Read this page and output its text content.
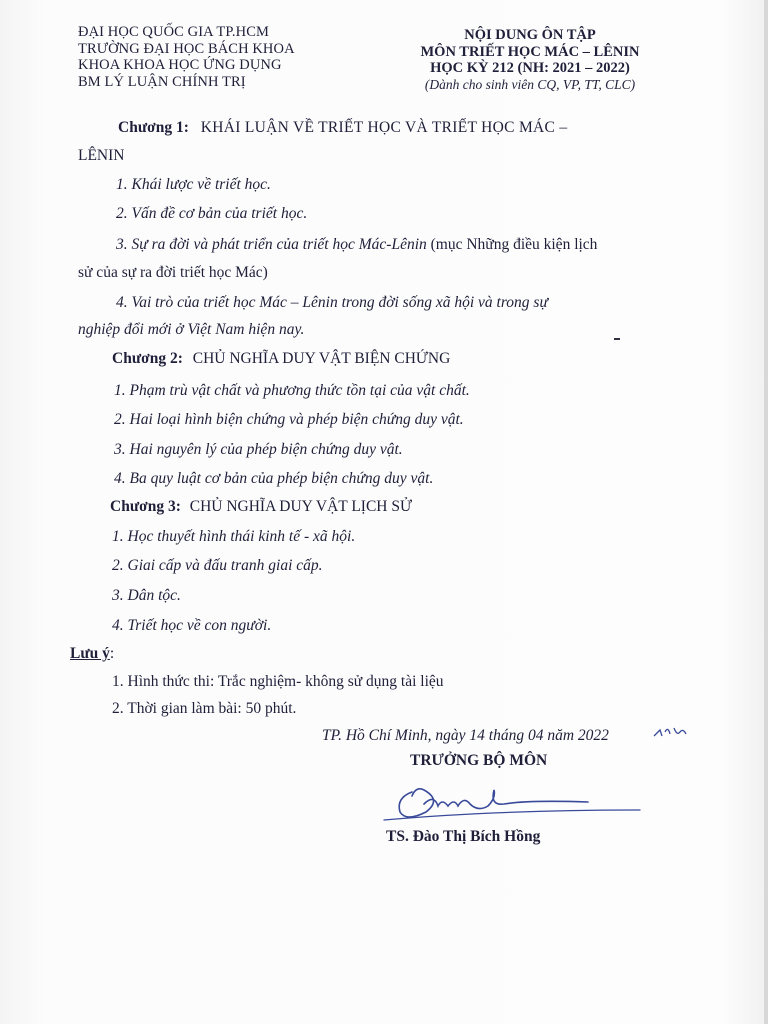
ĐẠI HỌC QUỐC GIA TP.HCM
TRƯỜNG ĐẠI HỌC BÁCH KHOA
KHOA KHOA HỌC ỨNG DỤNG
BM LÝ LUẬN CHÍNH TRỊ
NỘI DUNG ÔN TẬP
MÔN TRIẾT HỌC MÁC – LÊNIN
HỌC KỲ 212 (NH: 2021 – 2022)
(Dành cho sinh viên CQ, VP, TT, CLC)
Chương 1: KHÁI LUẬN VỀ TRIẾT HỌC VÀ TRIẾT HỌC MÁC –
LÊNIN
1. Khái lược về triết học.
2. Vấn đề cơ bản của triết học.
3. Sự ra đời và phát triển của triết học Mác-Lênin (mục Những điều kiện lịch
sử của sự ra đời triết học Mác)
4. Vai trò của triết học Mác – Lênin trong đời sống xã hội và trong sự
nghiệp đổi mới ở Việt Nam hiện nay.
Chương 2: CHỦ NGHĨA DUY VẬT BIỆN CHỨNG
1. Phạm trù vật chất và phương thức tồn tại của vật chất.
2. Hai loại hình biện chứng và phép biện chứng duy vật.
3. Hai nguyên lý của phép biện chứng duy vật.
4. Ba quy luật cơ bản của phép biện chứng duy vật.
Chương 3: CHỦ NGHĨA DUY VẬT LỊCH SỬ
1. Học thuyết hình thái kinh tế - xã hội.
2. Giai cấp và đấu tranh giai cấp.
3. Dân tộc.
4. Triết học về con người.
Lưu ý:
1. Hình thức thi: Trắc nghiệm- không sử dụng tài liệu
2. Thời gian làm bài: 50 phút.
TP. Hồ Chí Minh, ngày 14 tháng 04 năm 2022
TRƯỞNG BỘ MÔN
TS. Đào Thị Bích Hồng
